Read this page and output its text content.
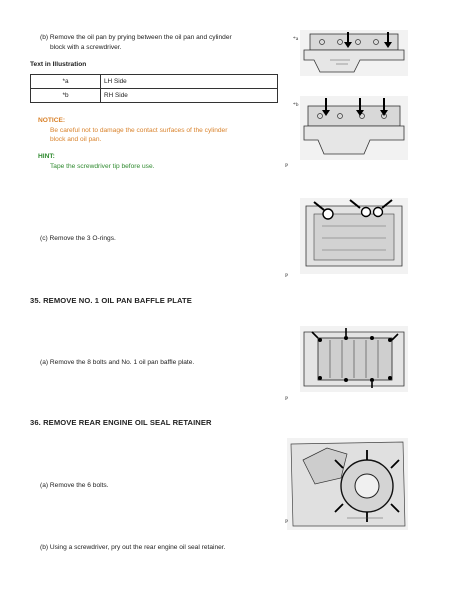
(b) Remove the oil pan by prying between the oil pan and cylinder
block with a screwdriver.
Text in Illustration
*a	LH Side
*b	RH Side
NOTICE:
Be careful not to damage the contact surfaces of the cylinder
block and oil pan.
HINT:
Tape the screwdriver tip before use.
(c) Remove the 3 O-rings.
35. REMOVE NO. 1 OIL PAN BAFFLE PLATE
(a) Remove the 8 bolts and No. 1 oil pan baffle plate.
36. REMOVE REAR ENGINE OIL SEAL RETAINER
(a) Remove the 6 bolts.
(b) Using a screwdriver, pry out the rear engine oil seal retainer.
*a
*b
P
P
P
P
